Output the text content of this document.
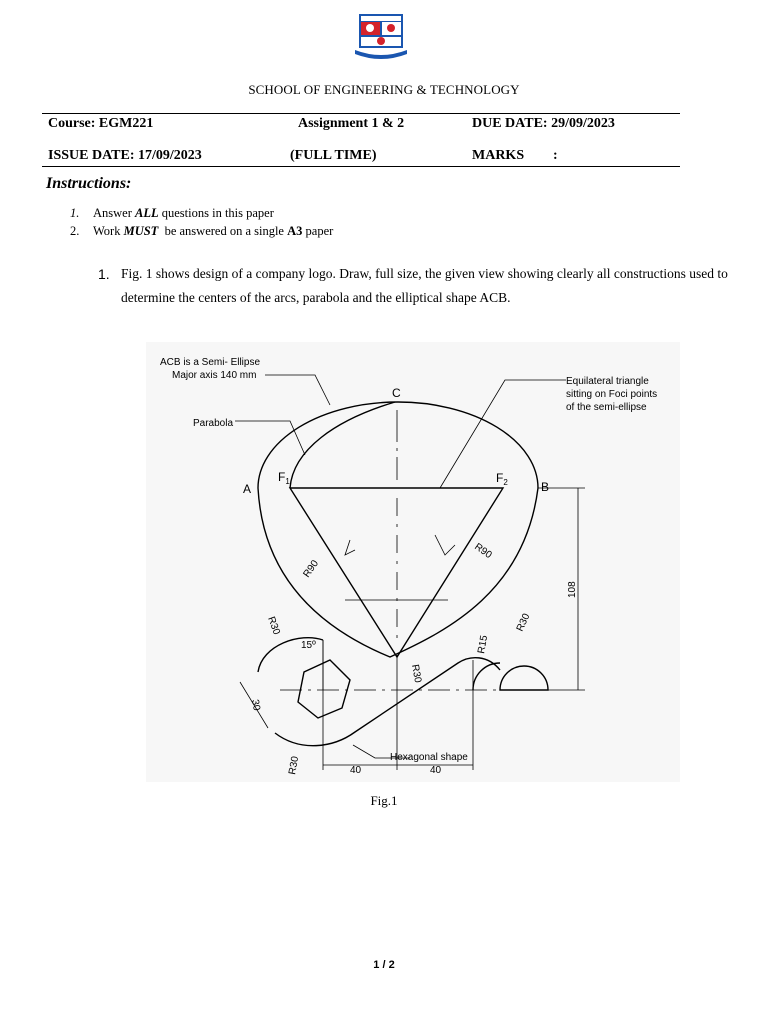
SCHOOL OF ENGINEERING & TECHNOLOGY
Course: EGM221	Assignment 1 & 2	DUE DATE: 29/09/2023
ISSUE DATE: 17/09/2023	(FULL TIME)	MARKS :
Instructions:
1. Answer ALL questions in this paper
2. Work MUST  be answered on a single A3 paper
1. Fig. 1 shows design of a company logo. Draw, full size, the given view showing clearly all constructions used to determine the centers of the arcs, parabola and the elliptical shape ACB.
ACB is a Semi- Ellipse
Major axis 140 mm
Parabola
Equilateral triangle
sitting on Foci points
of the semi-ellipse
C
A	B
$F_1$	$F_2$
R90
R90
108
R30
15º
R30
R15
R30
30
R30	Hexagonal shape
40	40
Fig.1
1 / 2
